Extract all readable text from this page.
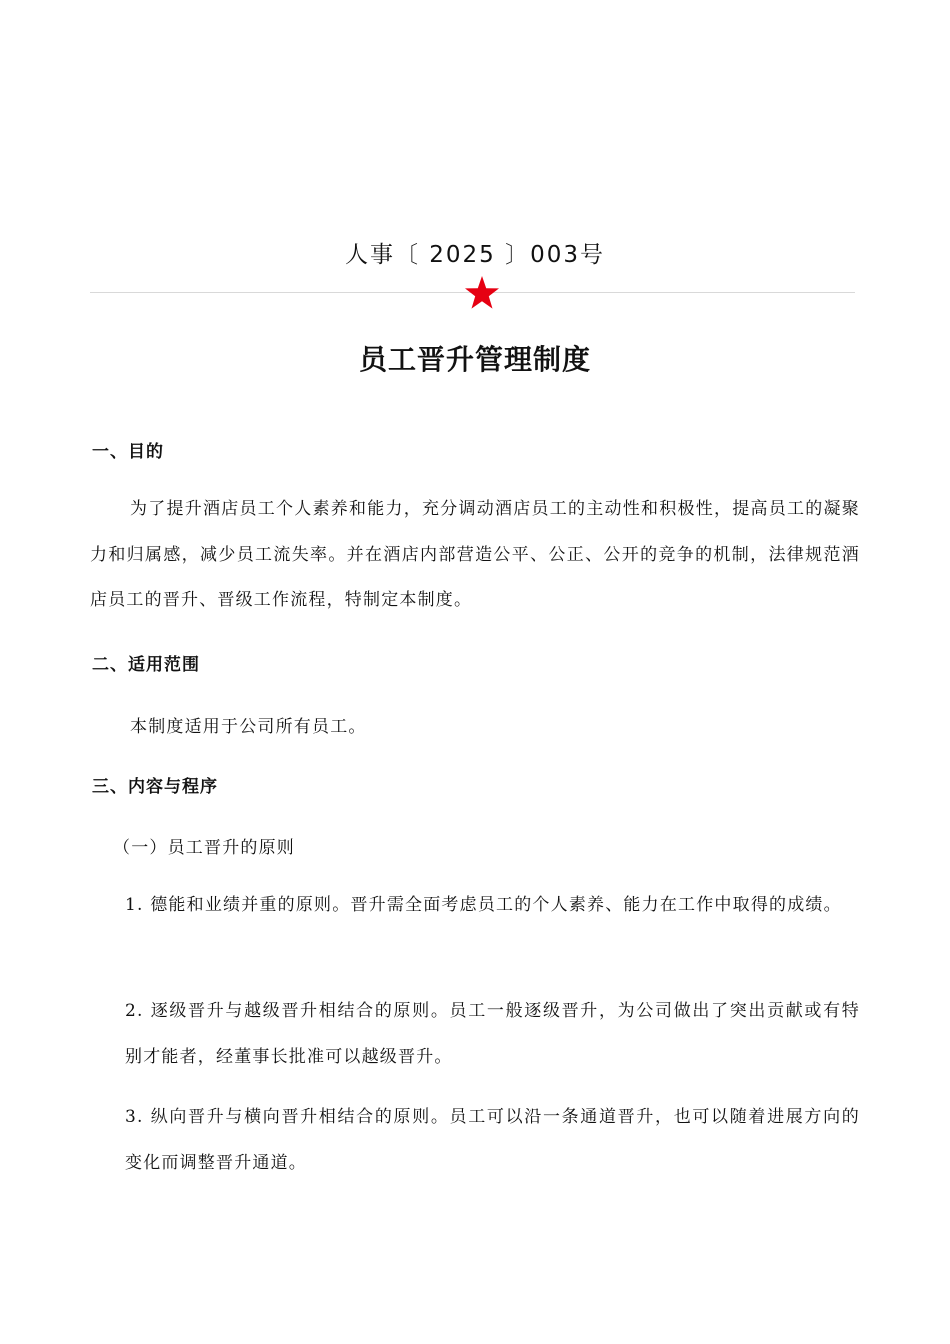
人事〔 2025 〕003号
员工晋升管理制度
一、目的

为了提升酒店员工个人素养和能力，充分调动酒店员工的主动性和积极性，提高员工的凝聚力和归属感，减少员工流失率。并在酒店内部营造公平、公正、公开的竞争的机制，法律规范酒店员工的晋升、晋级工作流程，特制定本制度。

二、适用范围
本制度适用于公司所有员工。
三、内容与程序
（一）员工晋升的原则

1. 德能和业绩并重的原则。晋升需全面考虑员工的个人素养、能力在工作中取得的成绩。

2. 逐级晋升与越级晋升相结合的原则。员工一般逐级晋升，为公司做出了突出贡献或有特别才能者，经董事长批准可以越级晋升。

3. 纵向晋升与横向晋升相结合的原则。员工可以沿一条通道晋升，也可以随着进展方向的变化而调整晋升通道。
